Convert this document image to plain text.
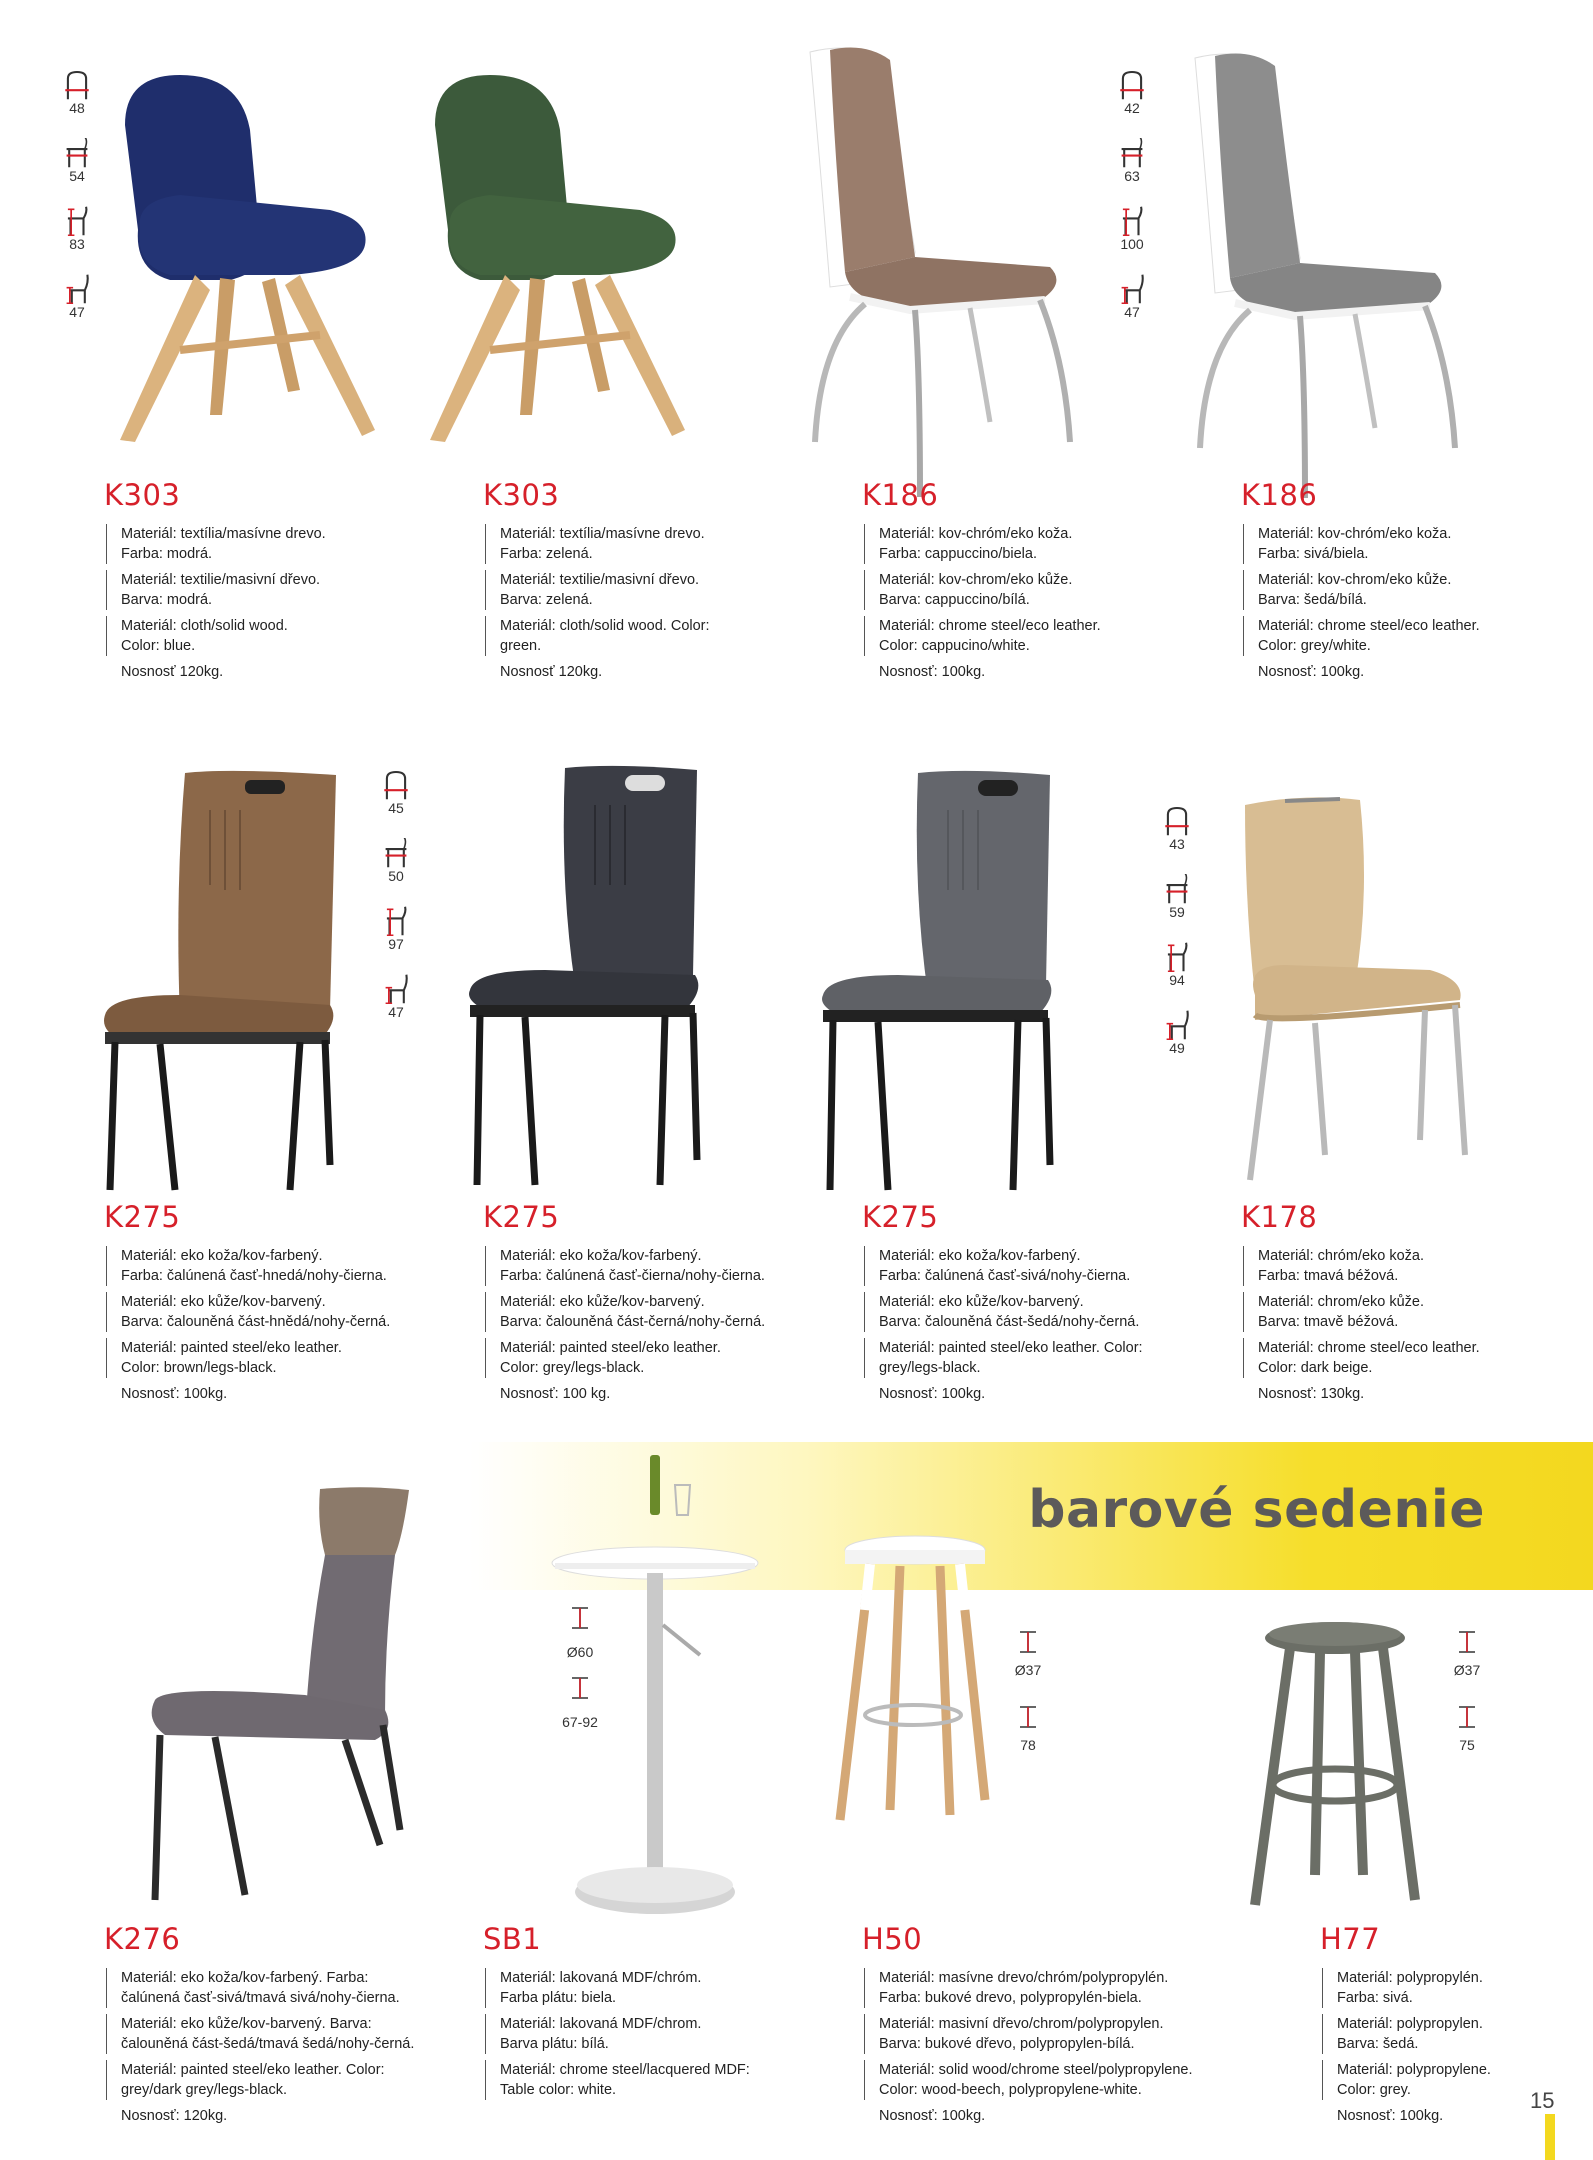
48
54
83
47
K303
Materiál: textília/masívne drevo.
Farba: modrá.
Materiál: textilie/masivní dřevo.
Barva: modrá.
Materiál: cloth/solid wood.
Color: blue.
Nosnosť 120kg.
K303
Materiál: textília/masívne drevo.
Farba: zelená.
Materiál: textilie/masivní dřevo.
Barva: zelená.
Materiál: cloth/solid wood. Color:
green.
Nosnosť 120kg.
K186
Materiál: kov-chróm/eko koža.
Farba: cappuccino/biela.
Materiál: kov-chrom/eko kůže.
Barva: cappuccino/bílá.
Materiál: chrome steel/eco leather.
Color: cappucino/white.
Nosnosť: 100kg.
42
63
100
47
K186
Materiál: kov-chróm/eko koža.
Farba: sivá/biela.
Materiál: kov-chrom/eko kůže.
Barva: šedá/bílá.
Materiál: chrome steel/eco leather.
Color: grey/white.
Nosnosť: 100kg.
45
50
97
47
K275
Materiál: eko koža/kov-farbený.
Farba: čalúnená časť-hnedá/nohy-čierna.
Materiál: eko kůže/kov-barvený.
Barva: čalouněná část-hnědá/nohy-černá.
Materiál: painted steel/eko leather.
Color: brown/legs-black.
Nosnosť: 100kg.
K275
Materiál: eko koža/kov-farbený.
Farba: čalúnená časť-čierna/nohy-čierna.
Materiál: eko kůže/kov-barvený.
Barva: čalouněná část-černá/nohy-černá.
Materiál: painted steel/eko leather.
Color: grey/legs-black.
Nosnosť: 100 kg.
K275
Materiál: eko koža/kov-farbený.
Farba: čalúnená časť-sivá/nohy-čierna.
Materiál: eko kůže/kov-barvený.
Barva: čalouněná část-šedá/nohy-černá.
Materiál: painted steel/eko leather. Color:
grey/legs-black.
Nosnosť: 100kg.
43
59
94
49
K178
Materiál: chróm/eko koža.
Farba: tmavá béžová.
Materiál: chrom/eko kůže.
Barva: tmavě béžová.
Materiál: chrome steel/eco leather.
Color: dark beige.
Nosnosť: 130kg.
barové sedenie
K276
Materiál: eko koža/kov-farbený. Farba:
čalúnená časť-sivá/tmavá sivá/nohy-čierna.
Materiál: eko kůže/kov-barvený. Barva:
čalouněná část-šedá/tmavá šedá/nohy-černá.
Materiál: painted steel/eko leather. Color:
grey/dark grey/legs-black.
Nosnosť: 120kg.
Ø60
67-92
SB1
Materiál: lakovaná MDF/chróm.
Farba plátu: biela.
Materiál: lakovaná MDF/chrom.
Barva plátu: bílá.
Materiál: chrome steel/lacquered MDF:
Table color: white.
Ø37
78
H50
Materiál: masívne drevo/chróm/polypropylén.
Farba: bukové drevo, polypropylén-biela.
Materiál: masivní dřevo/chrom/polypropylen.
Barva: bukové dřevo, polypropylen-bílá.
Materiál: solid wood/chrome steel/polypropylene.
Color: wood-beech, polypropylene-white.
Nosnosť: 100kg.
Ø37
75
H77
Materiál: polypropylén.
Farba: sivá.
Materiál: polypropylen.
Barva: šedá.
Materiál: polypropylene.
Color: grey.
Nosnosť: 100kg.
15
